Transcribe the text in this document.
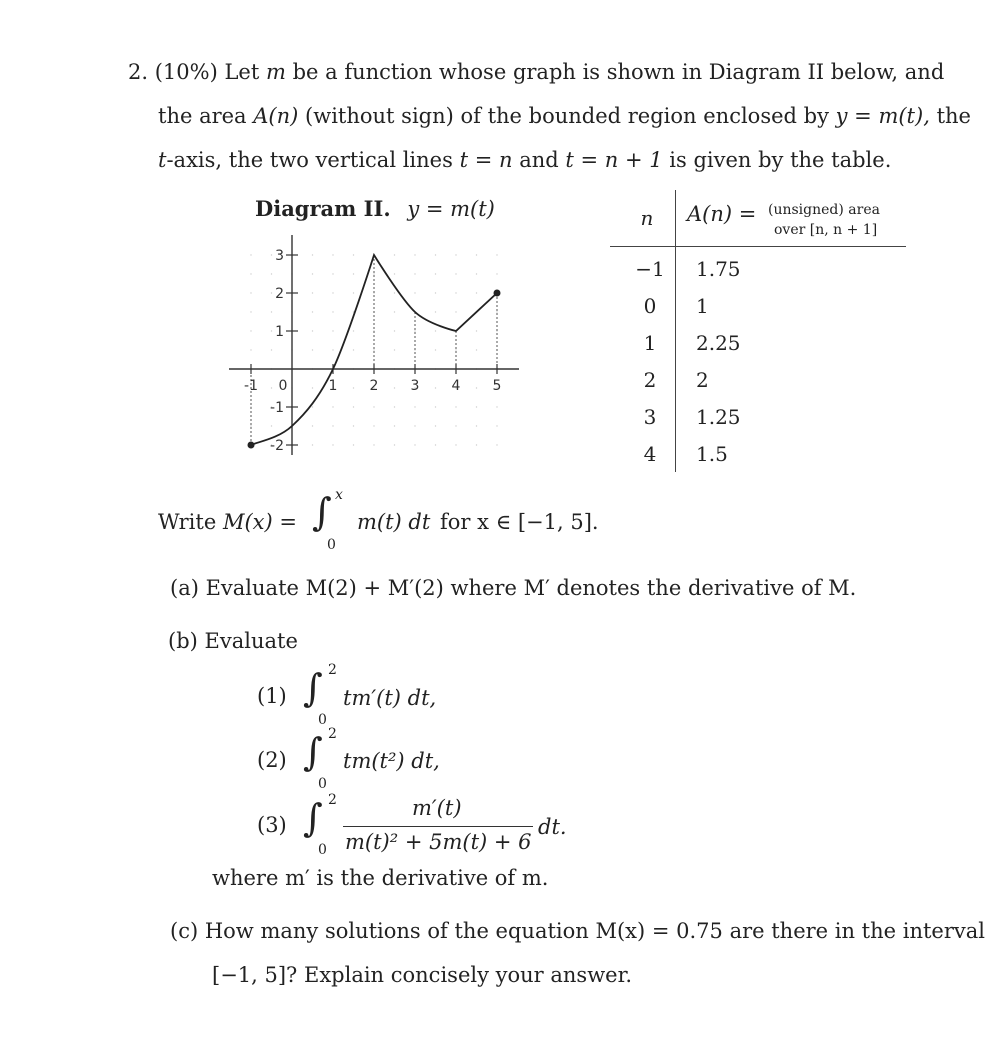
2. (10%) Let m be a function whose graph is shown in Diagram II below, and
the area A(n) (without sign) of the bounded region enclosed by y = m(t), the
t-axis, the two vertical lines t = n and t = n + 1 is given by the table.
Diagram II. y = m(t)
3
2
1
-1
-2
-1 0	1 2 3 4 5
n	A(n) = (unsigned) area
over [n, n + 1]
−1 1.75
0	1
1	2.25
2	2
3	1.25
4	1.5
Write M(x) = ∫ x
0
m(t) dt for x ∈ [−1, 5].
(a) Evaluate M(2) + M′(2) where M′ denotes the derivative of M.
(b) Evaluate
(1) ∫ 2
0
tm′(t) dt,
(2) ∫ 2
0
tm(t²) dt,
(3) ∫ 2
0
m′(t)
m(t)² + 5m(t) + 6
dt.
where m′ is the derivative of m.
(c) How many solutions of the equation M(x) = 0.75 are there in the interval
[−1, 5]? Explain concisely your answer.
